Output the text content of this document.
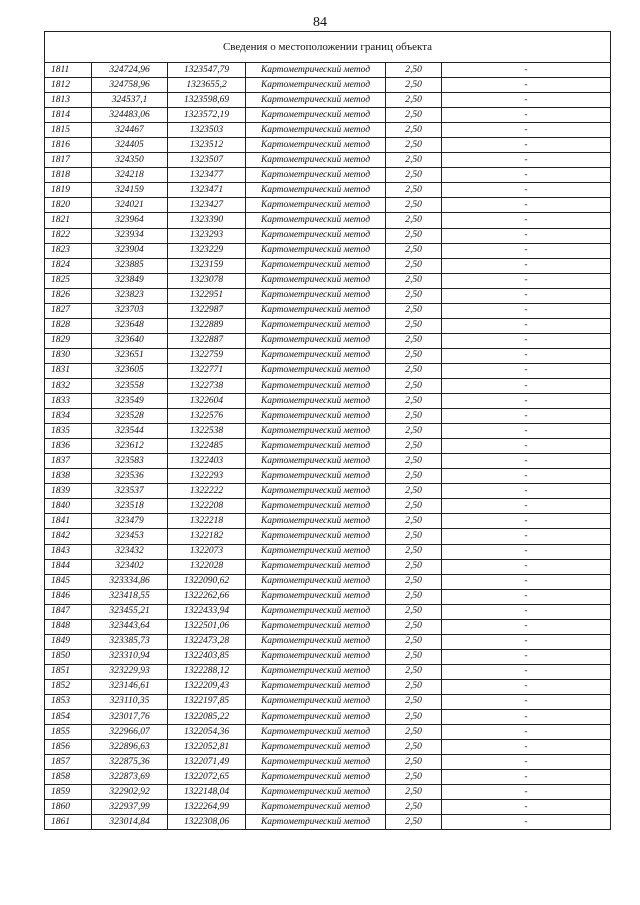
84
Сведения о местоположении границ объекта					
1811	324724,96	1323547,79	Картометрический метод	2,50	-
1812	324758,96	1323655,2	Картометрический метод	2,50	-
1813	324537,1	1323598,69	Картометрический метод	2,50	-
1814	324483,06	1323572,19	Картометрический метод	2,50	-
1815	324467	1323503	Картометрический метод	2,50	-
1816	324405	1323512	Картометрический метод	2,50	-
1817	324350	1323507	Картометрический метод	2,50	-
1818	324218	1323477	Картометрический метод	2,50	-
1819	324159	1323471	Картометрический метод	2,50	-
1820	324021	1323427	Картометрический метод	2,50	-
1821	323964	1323390	Картометрический метод	2,50	-
1822	323934	1323293	Картометрический метод	2,50	-
1823	323904	1323229	Картометрический метод	2,50	-
1824	323885	1323159	Картометрический метод	2,50	-
1825	323849	1323078	Картометрический метод	2,50	-
1826	323823	1322951	Картометрический метод	2,50	-
1827	323703	1322987	Картометрический метод	2,50	-
1828	323648	1322889	Картометрический метод	2,50	-
1829	323640	1322887	Картометрический метод	2,50	-
1830	323651	1322759	Картометрический метод	2,50	-
1831	323605	1322771	Картометрический метод	2,50	-
1832	323558	1322738	Картометрический метод	2,50	-
1833	323549	1322604	Картометрический метод	2,50	-
1834	323528	1322576	Картометрический метод	2,50	-
1835	323544	1322538	Картометрический метод	2,50	-
1836	323612	1322485	Картометрический метод	2,50	-
1837	323583	1322403	Картометрический метод	2,50	-
1838	323536	1322293	Картометрический метод	2,50	-
1839	323537	1322222	Картометрический метод	2,50	-
1840	323518	1322208	Картометрический метод	2,50	-
1841	323479	1322218	Картометрический метод	2,50	-
1842	323453	1322182	Картометрический метод	2,50	-
1843	323432	1322073	Картометрический метод	2,50	-
1844	323402	1322028	Картометрический метод	2,50	-
1845	323334,86	1322090,62	Картометрический метод	2,50	-
1846	323418,55	1322262,66	Картометрический метод	2,50	-
1847	323455,21	1322433,94	Картометрический метод	2,50	-
1848	323443,64	1322501,06	Картометрический метод	2,50	-
1849	323385,73	1322473,28	Картометрический метод	2,50	-
1850	323310,94	1322403,85	Картометрический метод	2,50	-
1851	323229,93	1322288,12	Картометрический метод	2,50	-
1852	323146,61	1322209,43	Картометрический метод	2,50	-
1853	323110,35	1322197,85	Картометрический метод	2,50	-
1854	323017,76	1322085,22	Картометрический метод	2,50	-
1855	322966,07	1322054,36	Картометрический метод	2,50	-
1856	322896,63	1322052,81	Картометрический метод	2,50	-
1857	322875,36	1322071,49	Картометрический метод	2,50	-
1858	322873,69	1322072,65	Картометрический метод	2,50	-
1859	322902,92	1322148,04	Картометрический метод	2,50	-
1860	322937,99	1322264,99	Картометрический метод	2,50	-
1861	323014,84	1322308,06	Картометрический метод	2,50	-
